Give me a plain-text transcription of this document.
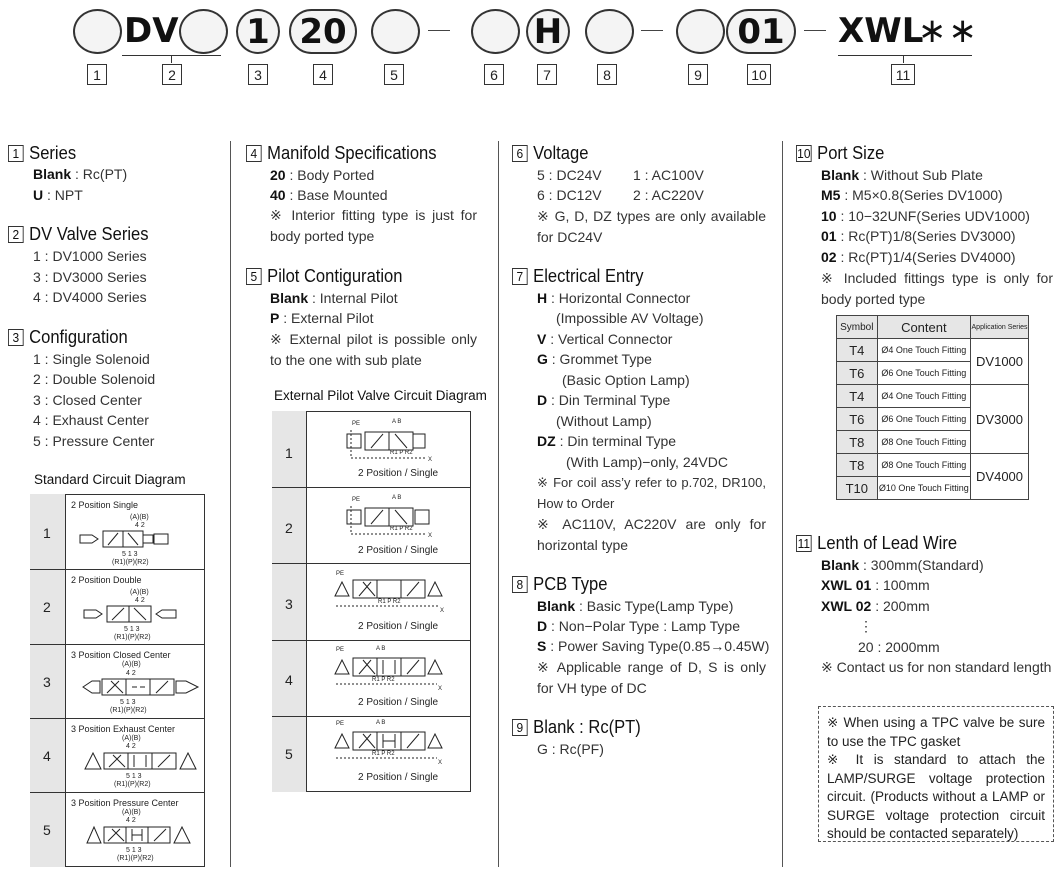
DV 1 20	H	01	XWL
∗∗
1	2	3	4	5	6	7	8	9	10	11
1 Series
Blank : Rc(PT)
U : NPT
2 DV Valve Series
1 : DV1000 Series
3 : DV3000 Series
4 : DV4000 Series
3 Configuration
1 : Single Solenoid
2 : Double Solenoid
3 : Closed Center
4 : Exhaust Center
5 : Pressure Center
Standard Circuit Diagram
1
2 Position Single
(A)(B)
4 2
5 1 3
(R1)(P)(R2)
2
2 Position Double
(A)(B)
4 2
5 1 3
(R1)(P)(R2)
3
3 Position Closed Center
(A)(B)
4 2
5 1 3
(R1)(P)(R2)
4
3 Position Exhaust Center
(A)(B)
4 2
5 1 3
(R1)(P)(R2)
5
3 Position Pressure Center
(A)(B)
4 2
5 1 3
(R1)(P)(R2)
4 Manifold Specifications
20 : Body Ported
40 : Base Mounted
※ Interior fitting type is just for body ported type
5 Pilot Contiguration
Blank : Internal Pilot
P : External Pilot
※ External pilot is possible only to the one with sub plate
External Pilot Valve Circuit Diagram
1
PE	A B
X
R1 P R2
2 Position / Single
2
PE	A B
X
R1 P R2
2 Position / Single
3
PE
R1 P R2
X
2 Position / Single
4
PE	A B
R1 P R2
X
2 Position / Single
5
PE	A B
R1 P R2
X
2 Position / Single
6 Voltage
5 : DC24V 1 : AC100V
6 : DC12V 2 : AC220V
※ G, D, DZ types are only available for DC24V
7 Electrical Entry
H : Horizontal Connector
(Impossible AV Voltage)
V : Vertical Connector
G : Grommet Type
(Basic Option Lamp)
D : Din Terminal Type
(Without Lamp)
DZ : Din terminal Type
(With Lamp)−only, 24VDC
※ For coil ass’y refer to p.702, DR100, How to Order
※ AC110V, AC220V are only for horizontal type
8 PCB Type
Blank : Basic Type(Lamp Type)
D : Non−Polar Type : Lamp Type
S : Power Saving Type(0.85→0.45W)
※ Applicable range of D, S is only for VH type of DC
9 Blank : Rc(PT)
G : Rc(PF)
10 Port Size
Blank : Without Sub Plate
M5 : M5×0.8(Series DV1000)
10 : 10−32UNF(Series UDV1000)
01 : Rc(PT)1/8(Series DV3000)
02 : Rc(PT)1/4(Series DV4000)
※ Included fittings type is only for body ported type
Symbol	Content	Application Series
T4	Ø4 One Touch Fitting	DV1000
T6	Ø6 One Touch Fitting	
T4	Ø4 One Touch Fitting	DV3000
T6	Ø6 One Touch Fitting	
T8	Ø8 One Touch Fitting	
T8	Ø8 One Touch Fitting	DV4000
T10	Ø10 One Touch Fitting	
11 Lenth of Lead Wire
Blank : 300mm(Standard)
XWL 01 : 100mm
XWL 02 : 200mm
⋮
20 : 2000mm
※ Contact us for non standard length

※ When using a TPC valve be sure to use the TPC gasket

※ It is standard to attach the LAMP/SURGE voltage protection circuit. (Products without a LAMP or SURGE voltage protection circuit should be contacted separately)
